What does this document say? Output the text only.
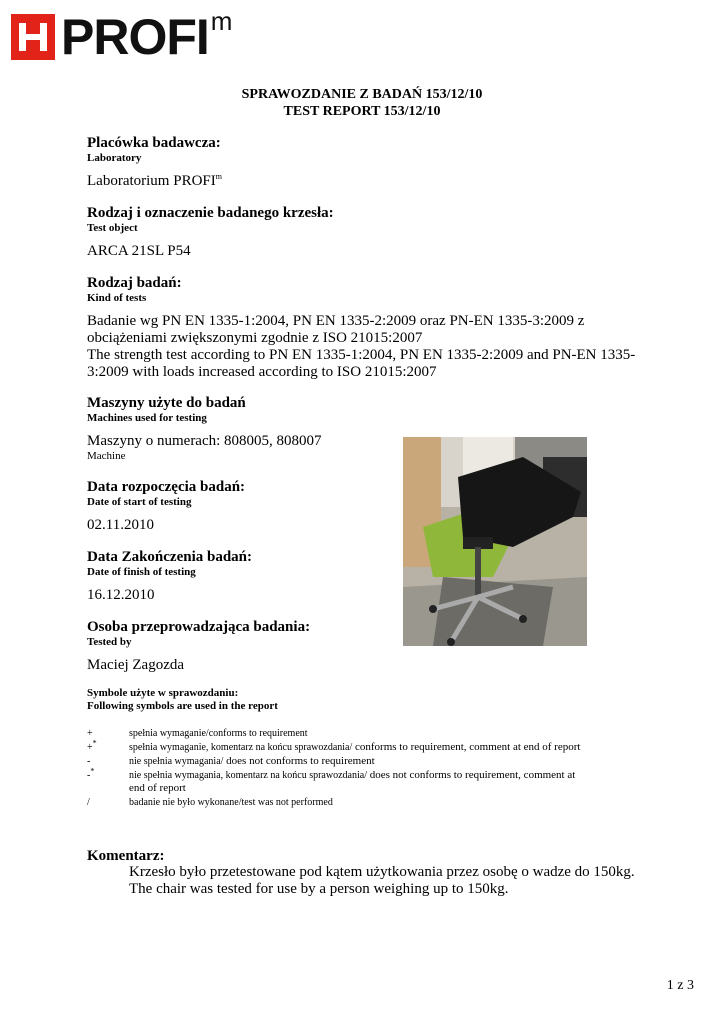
PROFI m
SPRAWOZDANIE Z BADAŃ 153/12/10
TEST REPORT 153/12/10
Placówka badawcza:
Laboratory
Laboratorium PROFI$^m$
Rodzaj i oznaczenie badanego krzesła:
Test object
ARCA 21SL P54
Rodzaj badań:
Kind of tests
Badanie wg PN EN 1335-1:2004, PN EN 1335-2:2009 oraz PN-EN 1335-3:2009 z
obciążeniami zwiększonymi zgodnie z ISO 21015:2007
The strength test according to PN EN 1335-1:2004, PN EN 1335-2:2009 and PN-EN 1335-
3:2009 with loads increased according to ISO 21015:2007
Maszyny użyte do badań
Machines used for testing
Maszyny o numerach: 808005, 808007
Machine
Data rozpoczęcia badań:
Date of start of testing
02.11.2010
Data Zakończenia badań:
Date of finish of testing
16.12.2010
Osoba przeprowadzająca badania:
Tested by
Maciej Zagozda
Symbole użyte w sprawozdaniu:
Following symbols are used in the report
+	spełnia wymaganie/conforms to requirement
+*	spełnia wymaganie, komentarz na końcu sprawozdania/ conforms to requirement, comment at end of report
-	nie spełnia wymagania/ does not conforms to requirement
-*	nie spełnia wymagania, komentarz na końcu sprawozdania/ does not conforms to requirement, comment at
end of report
/	badanie nie było wykonane/test was not performed
Komentarz:
Krzesło było przetestowane pod kątem użytkowania przez osobę o wadze do 150kg.
The chair was tested for use by a person weighing up to 150kg.
1 z 3
